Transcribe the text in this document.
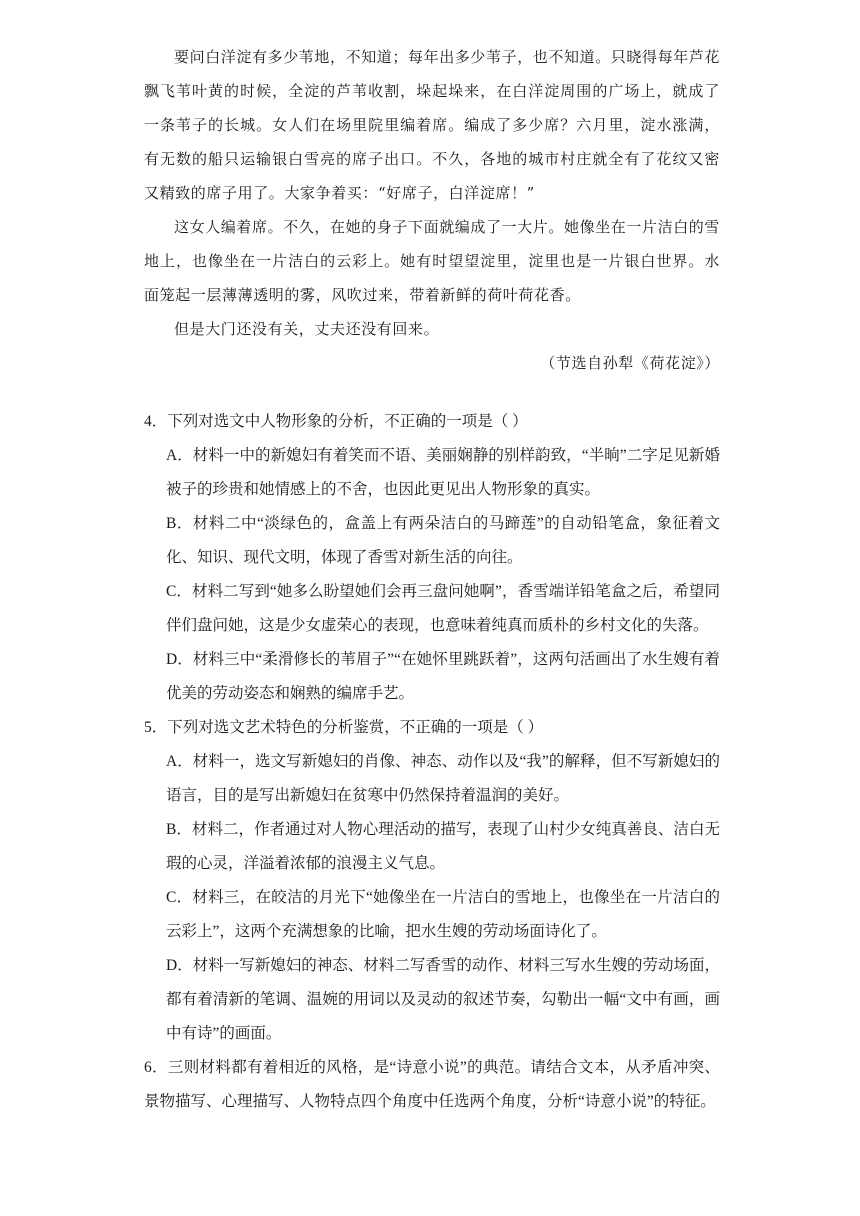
要问白洋淀有多少苇地，不知道；每年出多少苇子，也不知道。只晓得每年芦花飘飞苇叶黄的时候，全淀的芦苇收割，垛起垛来，在白洋淀周围的广场上，就成了一条苇子的长城。女人们在场里院里编着席。编成了多少席？六月里，淀水涨满，有无数的船只运输银白雪亮的席子出口。不久，各地的城市村庄就全有了花纹又密又精致的席子用了。大家争着买：“好席子，白洋淀席！”

这女人编着席。不久，在她的身子下面就编成了一大片。她像坐在一片洁白的雪地上，也像坐在一片洁白的云彩上。她有时望望淀里，淀里也是一片银白世界。水面笼起一层薄薄透明的雾，风吹过来，带着新鲜的荷叶荷花香。

但是大门还没有关，丈夫还没有回来。

（节选自孙犁《荷花淀》）

4．下列对选文中人物形象的分析，不正确的一项是（ ）

A．材料一中的新媳妇有着笑而不语、美丽娴静的别样韵致，“半晌”二字足见新婚被子的珍贵和她情感上的不舍，也因此更见出人物形象的真实。

B．材料二中“淡绿色的，盒盖上有两朵洁白的马蹄莲”的自动铅笔盒，象征着文化、知识、现代文明，体现了香雪对新生活的向往。

C．材料二写到“她多么盼望她们会再三盘问她啊”，香雪端详铅笔盒之后，希望同伴们盘问她，这是少女虚荣心的表现，也意味着纯真而质朴的乡村文化的失落。

D．材料三中“柔滑修长的苇眉子”“在她怀里跳跃着”，这两句活画出了水生嫂有着优美的劳动姿态和娴熟的编席手艺。

5．下列对选文艺术特色的分析鉴赏，不正确的一项是（ ）

A．材料一，选文写新媳妇的肖像、神态、动作以及“我”的解释，但不写新媳妇的语言，目的是写出新媳妇在贫寒中仍然保持着温润的美好。

B．材料二，作者通过对人物心理活动的描写，表现了山村少女纯真善良、洁白无瑕的心灵，洋溢着浓郁的浪漫主义气息。

C．材料三，在皎洁的月光下“她像坐在一片洁白的雪地上，也像坐在一片洁白的云彩上”，这两个充满想象的比喻，把水生嫂的劳动场面诗化了。

D．材料一写新媳妇的神态、材料二写香雪的动作、材料三写水生嫂的劳动场面，都有着清新的笔调、温婉的用词以及灵动的叙述节奏，勾勒出一幅“文中有画，画中有诗”的画面。

6．三则材料都有着相近的风格，是“诗意小说”的典范。请结合文本，从矛盾冲突、景物描写、心理描写、人物特点四个角度中任选两个角度，分析“诗意小说”的特征。
